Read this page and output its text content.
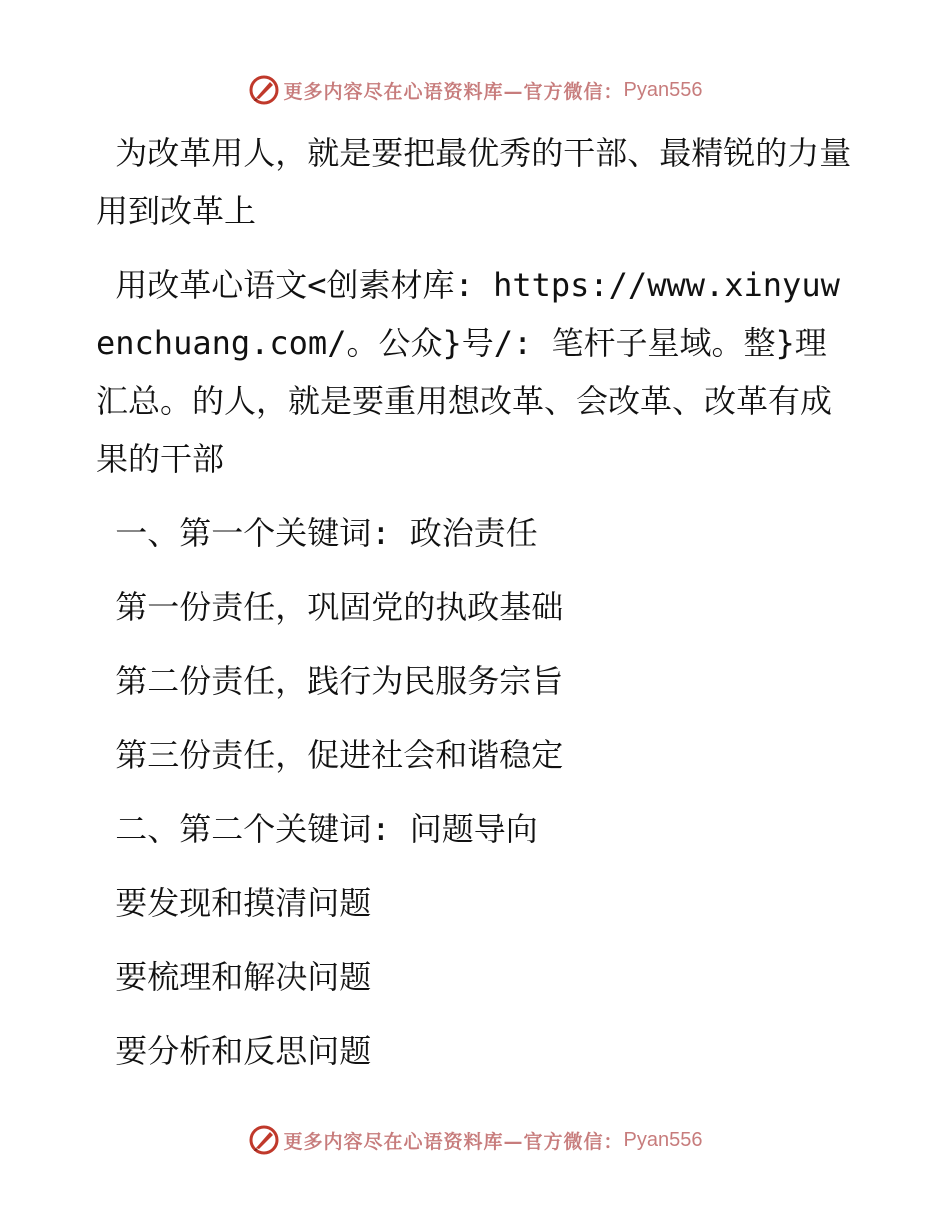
更多内容尽在心语资料库—官方微信： Pyan556

为改革用人，就是要把最优秀的干部、最精锐的力量用到改革上

用改革心语文<创素材库: https://www.xinyuwenchuang.com/。公众}号/: 笔杆子星域。整}理汇总。的人，就是要重用想改革、会改革、改革有成果的干部

一、第一个关键词: 政治责任

第一份责任，巩固党的执政基础

第二份责任，践行为民服务宗旨

第三份责任，促进社会和谐稳定

二、第二个关键词: 问题导向

要发现和摸清问题

要梳理和解决问题

要分析和反思问题

更多内容尽在心语资料库—官方微信： Pyan556
